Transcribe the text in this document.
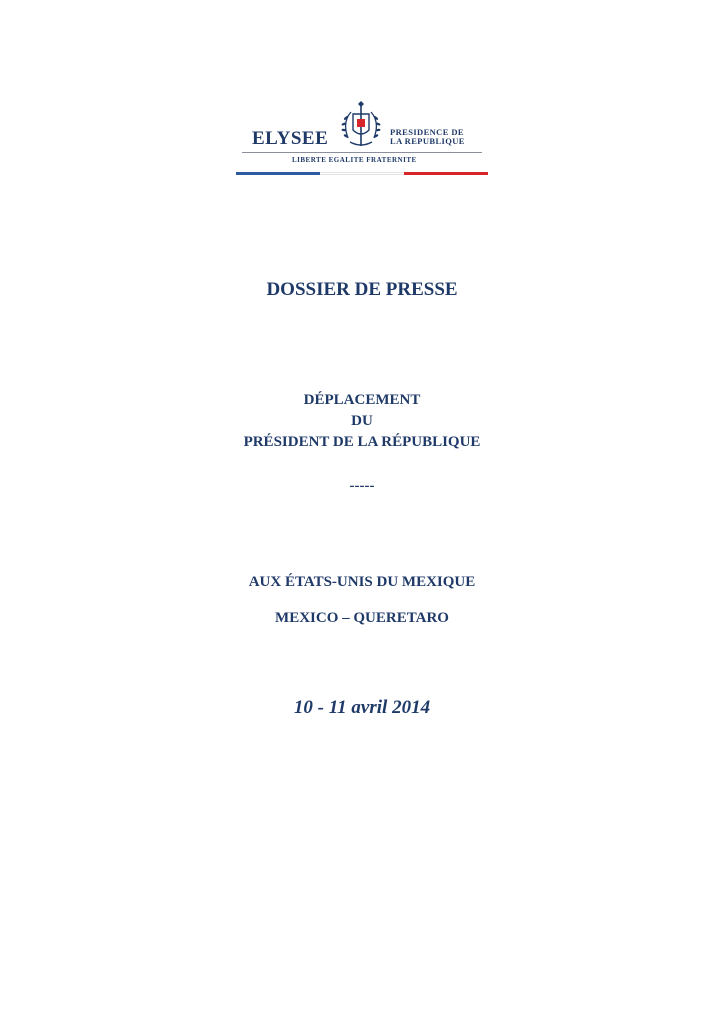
ELYSEE	PRESIDENCE DE
LA REPUBLIQUE
LIBERTE EGALITE FRATERNITE
DOSSIER DE PRESSE
DÉPLACEMENT
DU
PRÉSIDENT DE LA RÉPUBLIQUE
-----
AUX ÉTATS-UNIS DU MEXIQUE
MEXICO – QUERETARO
10 - 11 avril 2014
